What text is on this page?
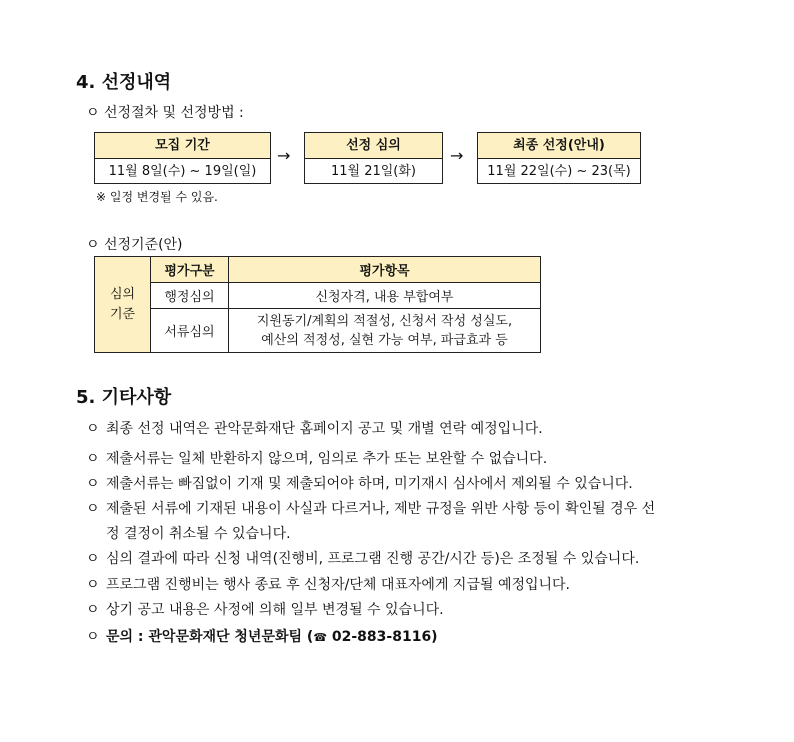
4. 선정내역
ㅇ 선정절차 및 선정방법 :
모집 기간
11월 8일(수) ~ 19일(일)
→
선정 심의
11월 21일(화)
→
최종 선정(안내)
11월 22일(수) ~ 23(목)
※ 일정 변경될 수 있음.
ㅇ 선정기준(안)
심의
기준	평가구분	평가항목
	행정심의	신청자격, 내용 부합여부
	서류심의	지원동기/계획의 적절성, 신청서 작성 성실도,
예산의 적정성, 실현 가능 여부, 파급효과 등
5. 기타사항
ㅇ 최종 선정 내역은 관악문화재단 홈페이지 공고 및 개별 연락 예정입니다.
ㅇ 제출서류는 일체 반환하지 않으며, 임의로 추가 또는 보완할 수 없습니다.
ㅇ 제출서류는 빠짐없이 기재 및 제출되어야 하며, 미기재시 심사에서 제외될 수 있습니다.
ㅇ 제출된 서류에 기재된 내용이 사실과 다르거나, 제반 규정을 위반 사항 등이 확인될 경우 선
정 결정이 취소될 수 있습니다.
ㅇ 심의 결과에 따라 신청 내역(진행비, 프로그램 진행 공간/시간 등)은 조정될 수 있습니다.
ㅇ 프로그램 진행비는 행사 종료 후 신청자/단체 대표자에게 지급될 예정입니다.
ㅇ 상기 공고 내용은 사정에 의해 일부 변경될 수 있습니다.
ㅇ 문의 : 관악문화재단 청년문화팀 (☎ 02-883-8116)
